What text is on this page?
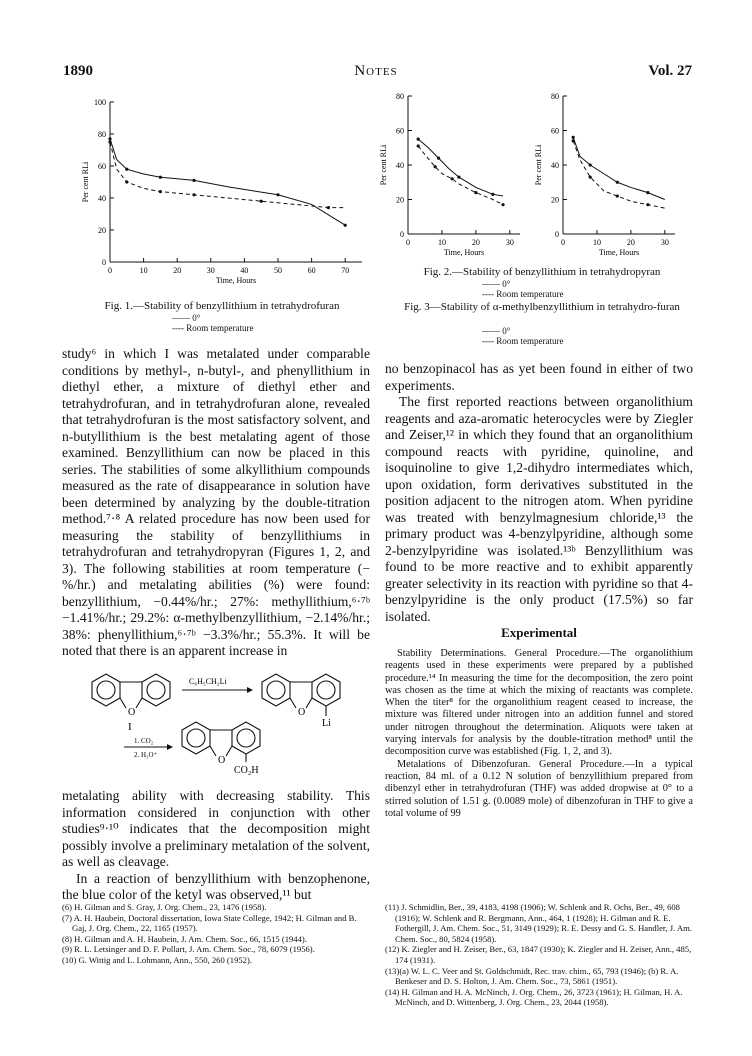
1890	Notes	Vol. 27
0	10	20	30	40	50	60	70
0
20
40
60
80
100
Time, Hours
Per cent RLi
Fig. 1.—Stability of benzyllithium in tetrahydrofuran
—— 0°
---- Room temperature
0	10	20	30
0
20
40
60
80
Time, Hours
Per cent RLi
0	10	20	30
0
20
40
60
80
Time, Hours
Per cent RLi
Fig. 2.—Stability of benzyllithium in tetrahydropyran
—— 0°
---- Room temperature
Fig. 3—Stability of α-methylbenzyllithium in tetrahydro-furan
—— 0°
---- Room temperature

study⁶ in which I was metalated under comparable conditions by methyl-, n-butyl-, and phenyllithium in diethyl ether, a mixture of diethyl ether and tetrahydrofuran, and in tetrahydrofuran alone, revealed that tetrahydrofuran is the most satisfactory solvent, and n-butyllithium is the best metalating agent of those examined. Benzyllithium can now be placed in this series. The stabilities of some alkyllithium compounds measured as the rate of disappearance in solution have been determined by analyzing by the double-titration method.⁷·⁸ A related procedure has now been used for measuring the stability of benzyllithiums in tetrahydrofuran and tetrahydropyran (Figures 1, 2, and 3). The following stabilities at room temperature (−%/hr.) and metalating abilities (%) were found: benzyllithium, −0.44%/hr.; 27%: methyllithium,⁶·⁷ᵇ −1.41%/hr.; 29.2%: α-methylbenzyllithium, −2.14%/hr.; 38%: phenyllithium,⁶·⁷ᵇ −3.3%/hr.; 55.3%. It will be noted that there is an apparent increase in

O
I
C₆H₅CH₂Li
O
Li
1. CO₂
2. H₃O⁺	O
CO₂H

metalating ability with decreasing stability. This information considered in conjunction with other studies⁹·¹⁰ indicates that the decomposition might possibly involve a preliminary metalation of the solvent, as well as cleavage.

In a reaction of benzyllithium with benzophenone, the blue color of the ketyl was observed,¹¹ but

(6) H. Gilman and S. Gray, J. Org. Chem., 23, 1476 (1958).
(7) A. H. Haubein, Doctoral dissertation, Iowa State College, 1942; H. Gilman and B. Gaj, J. Org. Chem., 22, 1165 (1957).
(8) H. Gilman and A. H. Haubein, J. Am. Chem. Soc., 66, 1515 (1944).
(9) R. L. Letsinger and D. F. Pollart, J. Am. Chem. Soc., 78, 6079 (1956).
(10) G. Wittig and L. Lohmann, Ann., 550, 260 (1952).

no benzopinacol has as yet been found in either of two experiments.

The first reported reactions between organolithium reagents and aza-aromatic heterocycles were by Ziegler and Zeiser,¹² in which they found that an organolithium compound reacts with pyridine, quinoline, and isoquinoline to give 1,2-dihydro intermediates which, upon oxidation, form derivatives substituted in the position adjacent to the nitrogen atom. When pyridine was treated with benzylmagnesium chloride,¹³ the primary product was 4-benzylpyridine, although some 2-benzylpyridine was isolated.¹³ᵇ Benzyllithium was found to be more reactive and to exhibit apparently greater selectivity in its reaction with pyridine so that 4-benzylpyridine is the only product (17.5%) so far isolated.

Experimental

Stability Determinations. General Procedure.—The organolithium reagents used in these experiments were prepared by a published procedure.¹⁴ In measuring the time for the decomposition, the zero point was chosen as the time at which the mixing of reactants was complete. When the titer⁸ for the organolithium reagent ceased to increase, the mixture was filtered under nitrogen into an addition funnel and stored under nitrogen throughout the determination. Aliquots were taken at varying intervals for analysis by the double-titration method⁸ until the decomposition curve was established (Fig. 1, 2, and 3).

Metalations of Dibenzofuran. General Procedure.—In a typical reaction, 84 ml. of a 0.12 N solution of benzyllithium prepared from dibenzyl ether in tetrahydrofuran (THF) was added dropwise at 0° to a stirred solution of 1.51 g. (0.0089 mole) of dibenzofuran in THF to give a total volume of 99

(11) J. Schmidlin, Ber., 39, 4183, 4198 (1906); W. Schlenk and R. Ochs, Ber., 49, 608 (1916); W. Schlenk and R. Bergmann, Ann., 464, 1 (1928); H. Gilman and R. E. Fothergill, J. Am. Chem. Soc., 51, 3149 (1929); R. E. Dessy and G. S. Handler, J. Am. Chem. Soc., 80, 5824 (1958).
(12) K. Ziegler and H. Zeiser, Ber., 63, 1847 (1930); K. Ziegler and H. Zeiser, Ann., 485, 174 (1931).
(13)(a) W. L. C. Veer and St. Goldschmidt, Rec. trav. chim., 65, 793 (1946); (b) R. A. Benkeser and D. S. Holton, J. Am. Chem. Soc., 73, 5861 (1951).
(14) H. Gilman and H. A. McNinch, J. Org. Chem., 26, 3723 (1961); H. Gilman, H. A. McNinch, and D. Wittenberg, J. Org. Chem., 23, 2044 (1958).
